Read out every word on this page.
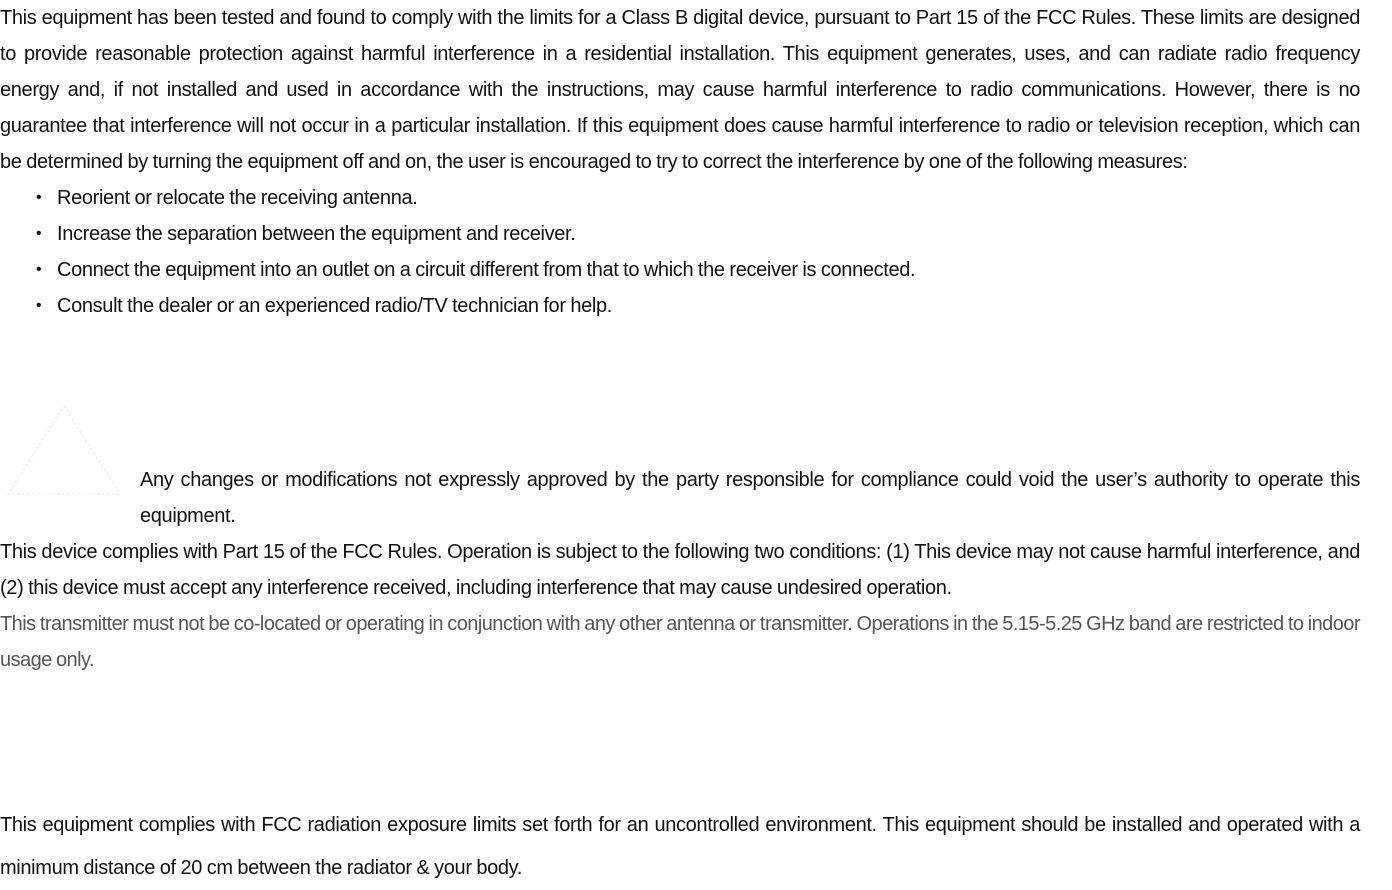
This equipment has been tested and found to comply with the limits for a Class B digital device, pursuant to Part 15 of the FCC Rules. These limits are designed to provide reasonable protection against harmful interference in a residential installation. This equipment generates, uses, and can radiate radio frequency energy and, if not installed and used in accordance with the instructions, may cause harmful interference to radio communications. However, there is no guarantee that interference will not occur in a particular installation. If this equipment does cause harmful interference to radio or television reception, which can be determined by turning the equipment off and on, the user is encouraged to try to correct the interference by one of the following measures:

• Reorient or relocate the receiving antenna.
• Increase the separation between the equipment and receiver.
• Connect the equipment into an outlet on a circuit different from that to which the receiver is connected.
• Consult the dealer or an experienced radio/TV technician for help.

Any changes or modifications not expressly approved by the party responsible for compliance could void the user’s authority to operate this equipment.

This device complies with Part 15 of the FCC Rules. Operation is subject to the following two conditions: (1) This device may not cause harmful interference, and (2) this device must accept any interference received, including interference that may cause undesired operation.

This transmitter must not be co-located or operating in conjunction with any other antenna or transmitter. Operations in the 5.15-5.25 GHz band are restricted to indoor usage only.

This equipment complies with FCC radiation exposure limits set forth for an uncontrolled environment. This equipment should be installed and operated with a minimum distance of 20 cm between the radiator & your body.
